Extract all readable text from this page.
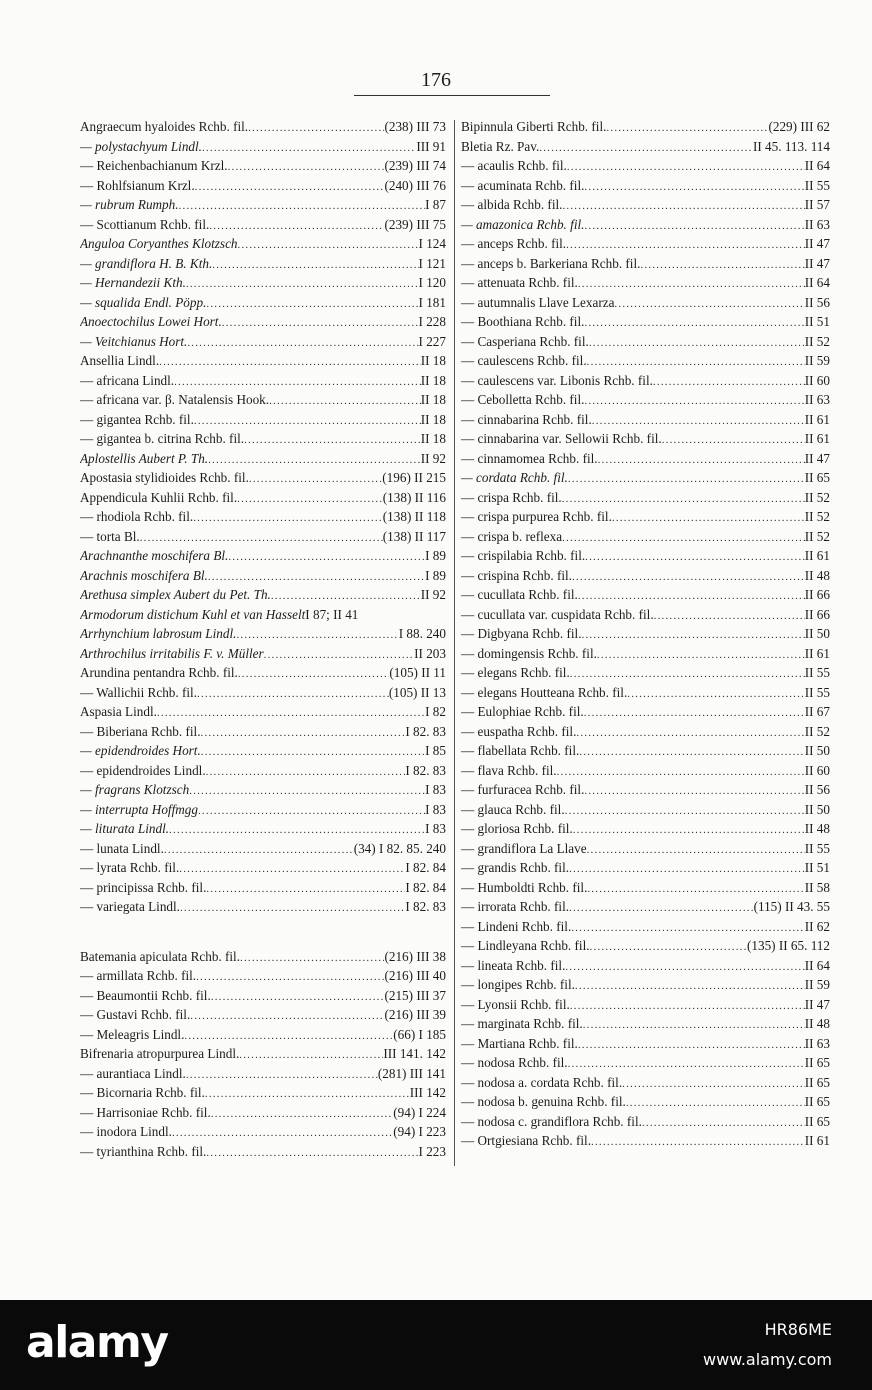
176
Angraecum hyaloides Rchb. fil. .....	(238) III 73
— polystachyum Lindl. .....	III 91
— Reichenbachianum Krzl. .....	(239) III 74
— Rohlfsianum Krzl. .....	(240) III 76
— rubrum Rumph. .....	I 87
— Scottianum Rchb. fil. .....	(239) III 75
Anguloa Coryanthes Klotzsch .....	I 124
— grandiflora H. B. Kth. .....	I 121
— Hernandezii Kth. .....	I 120
— squalida Endl. Pöpp. .....	I 181
Anoectochilus Lowei Hort. .....	I 228
— Veitchianus Hort. .....	I 227
Ansellia Lindl. .....	II 18
— africana Lindl. .....	II 18
— africana var. β. Natalensis Hook. .....	II 18
— gigantea Rchb. fil. .....	II 18
— gigantea b. citrina Rchb. fil. .....	II 18
Aplostellis Aubert P. Th. .....	II 92
Apostasia stylidioides Rchb. fil. .....	(196) II 215
Appendicula Kuhlii Rchb. fil. .....	(138) II 116
— rhodiola Rchb. fil. .....	(138) II 118
— torta Bl. .....	(138) II 117
Arachnanthe moschifera Bl. .....	I 89
Arachnis moschifera Bl. .....	I 89
Arethusa simplex Aubert du Pet. Th. .....	II 92
Armodorum distichum Kuhl et van Hasselt I 87; II 41
Arrhynchium labrosum Lindl. .....	I 88. 240
Arthrochilus irritabilis F. v. Müller .....	II 203
Arundina pentandra Rchb. fil. .....	(105) II 11
— Wallichii Rchb. fil. .....	(105) II 13
Aspasia Lindl. .....	I 82
— Biberiana Rchb. fil. .....	I 82. 83
— epidendroides Hort. .....	I 85
— epidendroides Lindl. .....	I 82. 83
— fragrans Klotzsch .....	I 83
— interrupta Hoffmgg .....	I 83
— liturata Lindl. .....	I 83
— lunata Lindl. .....	(34) I 82. 85. 240
— lyrata Rchb. fil. .....	I 82. 84
— principissa Rchb. fil. .....	I 82. 84
— variegata Lindl. .....	I 82. 83
Batemania apiculata Rchb. fil. .....	(216) III 38
— armillata Rchb. fil. .....	(216) III 40
— Beaumontii Rchb. fil. .....	(215) III 37
— Gustavi Rchb. fil. .....	(216) III 39
— Meleagris Lindl. .....	(66) I 185
Bifrenaria atropurpurea Lindl. .....	III 141. 142
— aurantiaca Lindl. .....	(281) III 141
— Bicornaria Rchb. fil. .....	III 142
— Harrisoniae Rchb. fil. .....	(94) I 224
— inodora Lindl. .....	(94) I 223
— tyrianthina Rchb. fil. .....	I 223
Bipinnula Giberti Rchb. fil. .....	(229) III 62
Bletia Rz. Pav. .....	II 45. 113. 114
— acaulis Rchb. fil. .....	II 64
— acuminata Rchb. fil. .....	II 55
— albida Rchb. fil. .....	II 57
— amazonica Rchb. fil. .....	II 63
— anceps Rchb. fil. .....	II 47
— anceps b. Barkeriana Rchb. fil. .....	II 47
— attenuata Rchb. fil. .....	II 64
— autumnalis Llave Lexarza .....	II 56
— Boothiana Rchb. fil. .....	II 51
— Casperiana Rchb. fil. .....	II 52
— caulescens Rchb. fil. .....	II 59
— caulescens var. Libonis Rchb. fil. .....	II 60
— Cebolletta Rchb. fil. .....	II 63
— cinnabarina Rchb. fil. .....	II 61
— cinnabarina var. Sellowii Rchb. fil. .....	II 61
— cinnamomea Rchb. fil. .....	II 47
— cordata Rchb. fil. .....	II 65
— crispa Rchb. fil. .....	II 52
— crispa purpurea Rchb. fil. .....	II 52
— crispa b. reflexa .....	II 52
— crispilabia Rchb. fil. .....	II 61
— crispina Rchb. fil. .....	II 48
— cucullata Rchb. fil. .....	II 66
— cucullata var. cuspidata Rchb. fil. .....	II 66
— Digbyana Rchb. fil. .....	II 50
— domingensis Rchb. fil. .....	II 61
— elegans Rchb. fil. .....	II 55
— elegans Houtteana Rchb. fil. .....	II 55
— Eulophiae Rchb. fil. .....	II 67
— euspatha Rchb. fil. .....	II 52
— flabellata Rchb. fil. .....	II 50
— flava Rchb. fil. .....	II 60
— furfuracea Rchb. fil. .....	II 56
— glauca Rchb. fil. .....	II 50
— gloriosa Rchb. fil. .....	II 48
— grandiflora La Llave .....	II 55
— grandis Rchb. fil. .....	II 51
— Humboldti Rchb. fil. .....	II 58
— irrorata Rchb. fil. .....	(115) II 43. 55
— Lindeni Rchb. fil. .....	II 62
— Lindleyana Rchb. fil. .....	(135) II 65. 112
— lineata Rchb. fil. .....	II 64
— longipes Rchb. fil. .....	II 59
— Lyonsii Rchb. fil. .....	II 47
— marginata Rchb. fil. .....	II 48
— Martiana Rchb. fil. .....	II 63
— nodosa Rchb. fil. .....	II 65
— nodosa a. cordata Rchb. fil. .....	II 65
— nodosa b. genuina Rchb. fil. .....	II 65
— nodosa c. grandiflora Rchb. fil. .....	II 65
— Ortgiesiana Rchb. fil. .....	II 61
alamy	HR86ME
www.alamy.com
